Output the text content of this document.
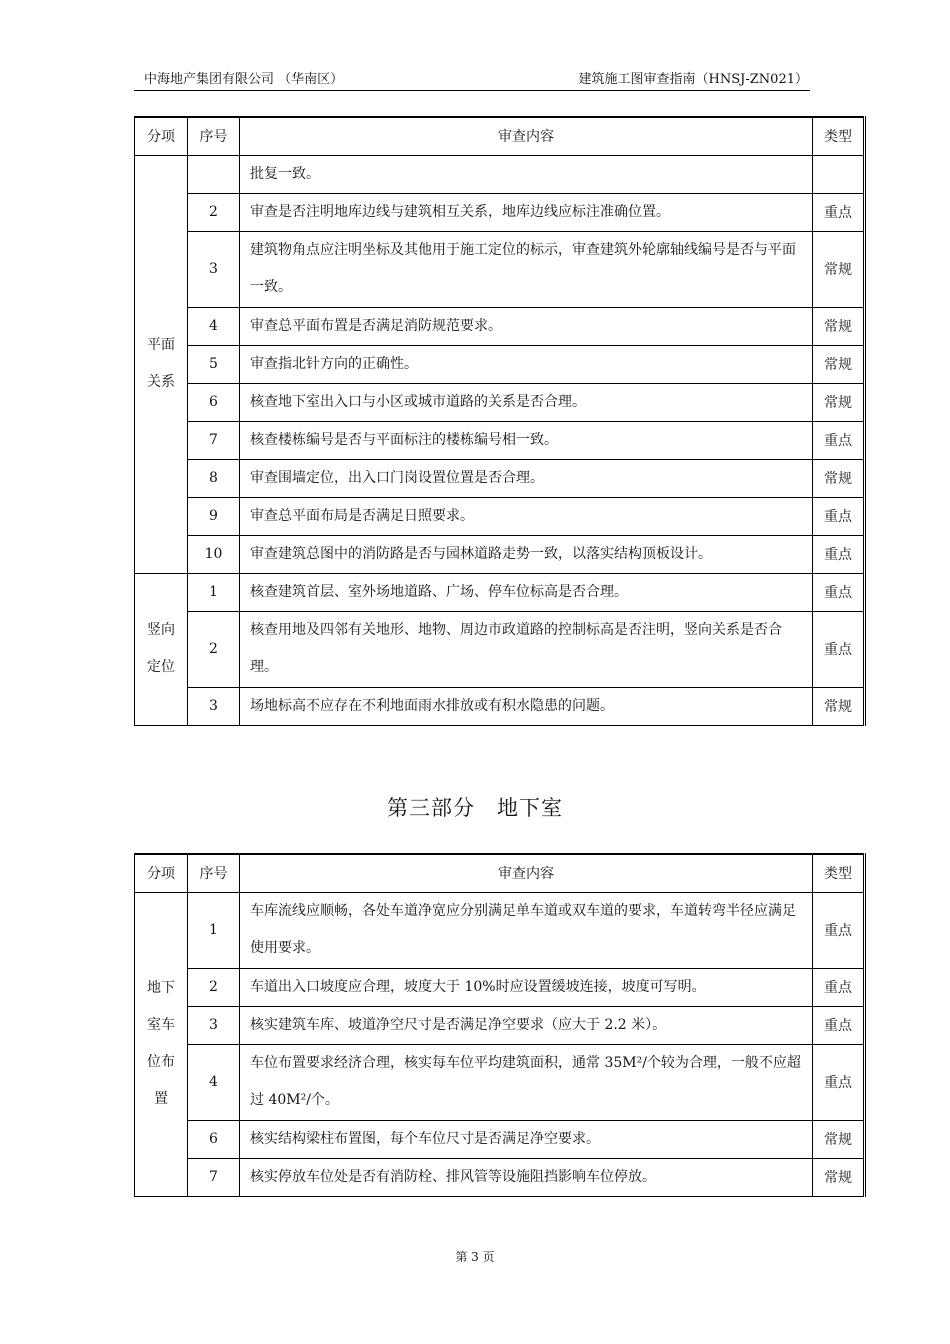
中海地产集团有限公司 （华南区）	建筑施工图审查指南（HNSJ-ZN021）
分项	序号	审查内容	类型

平面
关系		批复一致。	
	2	审查是否注明地库边线与建筑相互关系，地库边线应标注准确位置。	重点
	3	建筑物角点应注明坐标及其他用于施工定位的标示，审查建筑外轮廓轴线编号是否与平面一致。	常规
	4	审查总平面布置是否满足消防规范要求。	常规
	5	审查指北针方向的正确性。	常规
	6	核查地下室出入口与小区或城市道路的关系是否合理。	常规
	7	核查楼栋编号是否与平面标注的楼栋编号相一致。	重点
	8	审查围墙定位，出入口门岗设置位置是否合理。	常规
	9	审查总平面布局是否满足日照要求。	重点
	10	审查建筑总图中的消防路是否与园林道路走势一致，以落实结构顶板设计。	重点

竖向
定位	1	核查建筑首层、室外场地道路、广场、停车位标高是否合理。	重点
	2	核查用地及四邻有关地形、地物、周边市政道路的控制标高是否注明，竖向关系是否合理。	重点
	3	场地标高不应存在不利地面雨水排放或有积水隐患的问题。	常规
第三部分 地下室
分项	序号	审查内容	类型

地下
室车
位布
置	1	车库流线应顺畅，各处车道净宽应分别满足单车道或双车道的要求，车道转弯半径应满足使用要求。	重点
	2	车道出入口坡度应合理，坡度大于 10%时应设置缓坡连接，坡度可写明。	重点
	3	核实建筑车库、坡道净空尺寸是否满足净空要求（应大于 2.2 米）。	重点
	4	车位布置要求经济合理，核实每车位平均建筑面积，通常 35M²/个较为合理，一般不应超过 40M²/个。	重点
	6	核实结构梁柱布置图，每个车位尺寸是否满足净空要求。	常规
	7	核实停放车位处是否有消防栓、排风管等设施阻挡影响车位停放。	常规
第 3 页
